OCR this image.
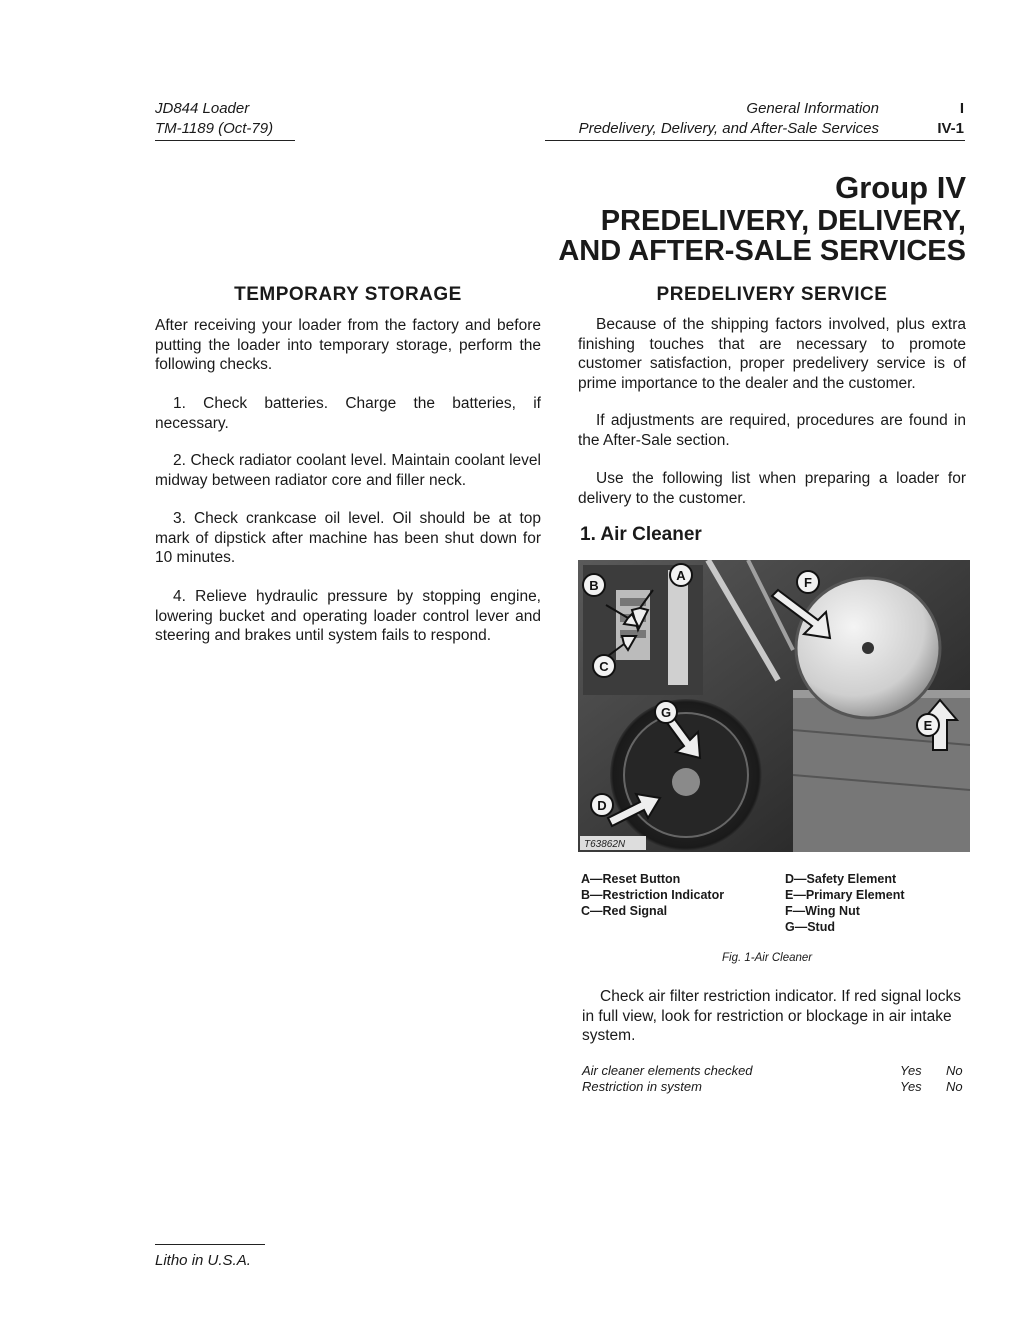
JD844 Loader
TM-1189 (Oct-79)
General Information
Predelivery, Delivery, and After-Sale Services
I
IV-1
Group IV
PREDELIVERY, DELIVERY,
AND AFTER-SALE SERVICES
TEMPORARY STORAGE

After receiving your loader from the factory and before putting the loader into temporary storage, perform the following checks.

1. Check batteries. Charge the batteries, if necessary.

2. Check radiator coolant level. Maintain coolant level midway between radiator core and filler neck.

3. Check crankcase oil level. Oil should be at top mark of dipstick after machine has been shut down for 10 minutes.

4. Relieve hydraulic pressure by stopping engine, lowering bucket and operating loader control lever and steering and brakes until system fails to respond.

PREDELIVERY SERVICE

Because of the shipping factors involved, plus extra finishing touches that are necessary to promote customer satisfaction, proper predelivery service is of prime importance to the dealer and the customer.

If adjustments are required, procedures are found in the After-Sale section.

Use the following list when preparing a loader for delivery to the customer.

1. Air Cleaner
A
B
C
D
E
F
G
T63862N
A—Reset Button
B—Restriction Indicator
C—Red Signal
D—Safety Element
E—Primary Element
F—Wing Nut
G—Stud
Fig. 1-Air Cleaner

Check air filter restriction indicator. If red signal locks in full view, look for restriction or blockage in air intake system.

Air cleaner elements checked	Yes	No
Restriction in system	Yes	No
Litho in U.S.A.
